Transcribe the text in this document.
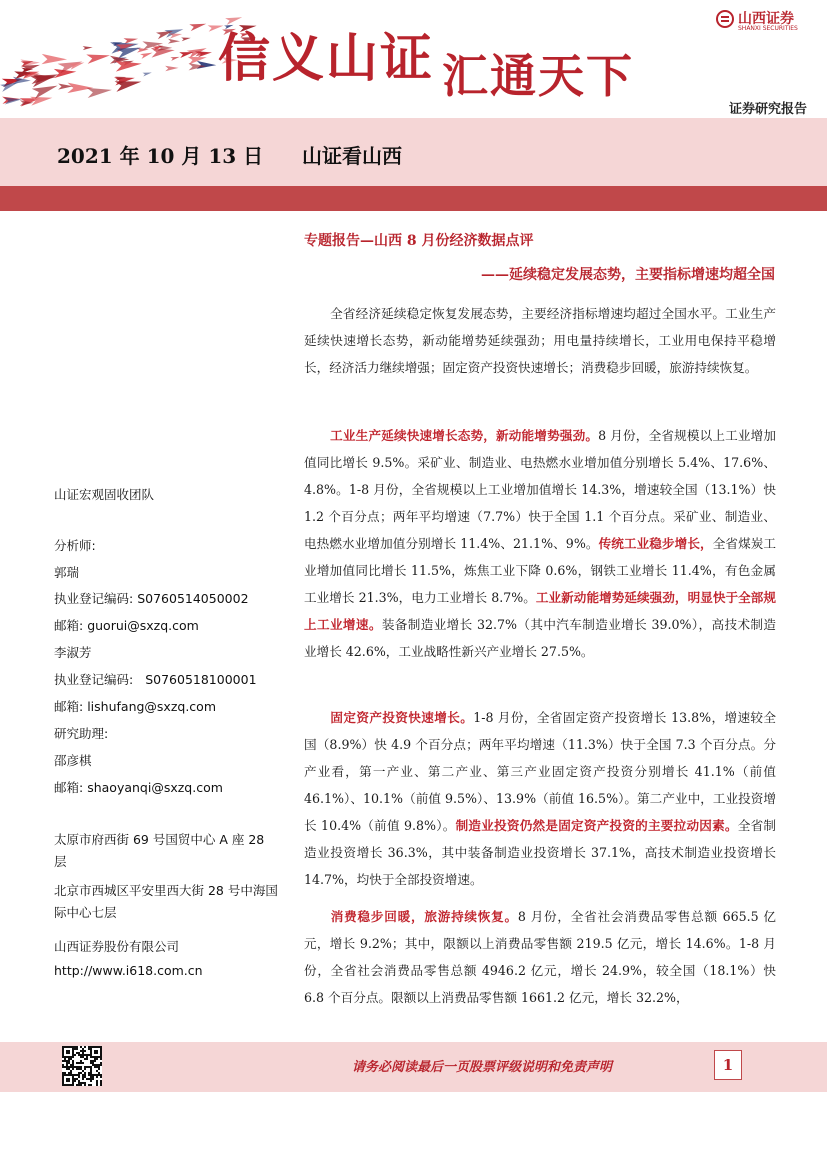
信义山证 汇通天下
山西证券
SHANXI SECURITIES
证券研究报告
2021 年 10 月 13 日 山证看山西
山证宏观固收团队
分析师:
郭瑞
执业登记编码: S0760514050002
邮箱: guorui@sxzq.com
李淑芳
执业登记编码: S0760518100001
邮箱: lishufang@sxzq.com
研究助理:
邵彦棋
邮箱: shaoyanqi@sxzq.com
太原市府西街 69 号国贸中心 A 座 28 层
北京市西城区平安里西大街 28 号中海国际中心七层
山西证券股份有限公司
http://www.i618.com.cn
专题报告—山西 8 月份经济数据点评
——延续稳定发展态势，主要指标增速均超全国
全省经济延续稳定恢复发展态势，主要经济指标增速均超过全国水平。工业生产延续快速增长态势，新动能增势延续强劲；用电量持续增长，工业用电保持平稳增长，经济活力继续增强；固定资产投资快速增长；消费稳步回暖，旅游持续恢复。
工业生产延续快速增长态势，新动能增势强劲。8 月份，全省规模以上工业增加值同比增长 9.5%。采矿业、制造业、电热燃水业增加值分别增长 5.4%、17.6%、4.8%。1-8 月份，全省规模以上工业增加值增长 14.3%，增速较全国（13.1%）快 1.2 个百分点；两年平均增速（7.7%）快于全国 1.1 个百分点。采矿业、制造业、电热燃水业增加值分别增长 11.4%、21.1%、9%。传统工业稳步增长，全省煤炭工业增加值同比增长 11.5%，炼焦工业下降 0.6%，钢铁工业增长 11.4%，有色金属工业增长 21.3%，电力工业增长 8.7%。工业新动能增势延续强劲，明显快于全部规上工业增速。装备制造业增长 32.7%（其中汽车制造业增长 39.0%），高技术制造业增长 42.6%，工业战略性新兴产业增长 27.5%。
固定资产投资快速增长。1-8 月份，全省固定资产投资增长 13.8%，增速较全国（8.9%）快 4.9 个百分点；两年平均增速（11.3%）快于全国 7.3 个百分点。分产业看，第一产业、第二产业、第三产业固定资产投资分别增长 41.1%（前值 46.1%）、10.1%（前值 9.5%）、13.9%（前值 16.5%）。第二产业中，工业投资增长 10.4%（前值 9.8%）。制造业投资仍然是固定资产投资的主要拉动因素。全省制造业投资增长 36.3%，其中装备制造业投资增长 37.1%，高技术制造业投资增长 14.7%，均快于全部投资增速。
消费稳步回暖，旅游持续恢复。8 月份，全省社会消费品零售总额 665.5 亿元，增长 9.2%；其中，限额以上消费品零售额 219.5 亿元，增长 14.6%。1-8 月份，全省社会消费品零售总额 4946.2 亿元，增长 24.9%，较全国（18.1%）快 6.8 个百分点。限额以上消费品零售额 1661.2 亿元，增长 32.2%，
请务必阅读最后一页股票评级说明和免责声明	1
